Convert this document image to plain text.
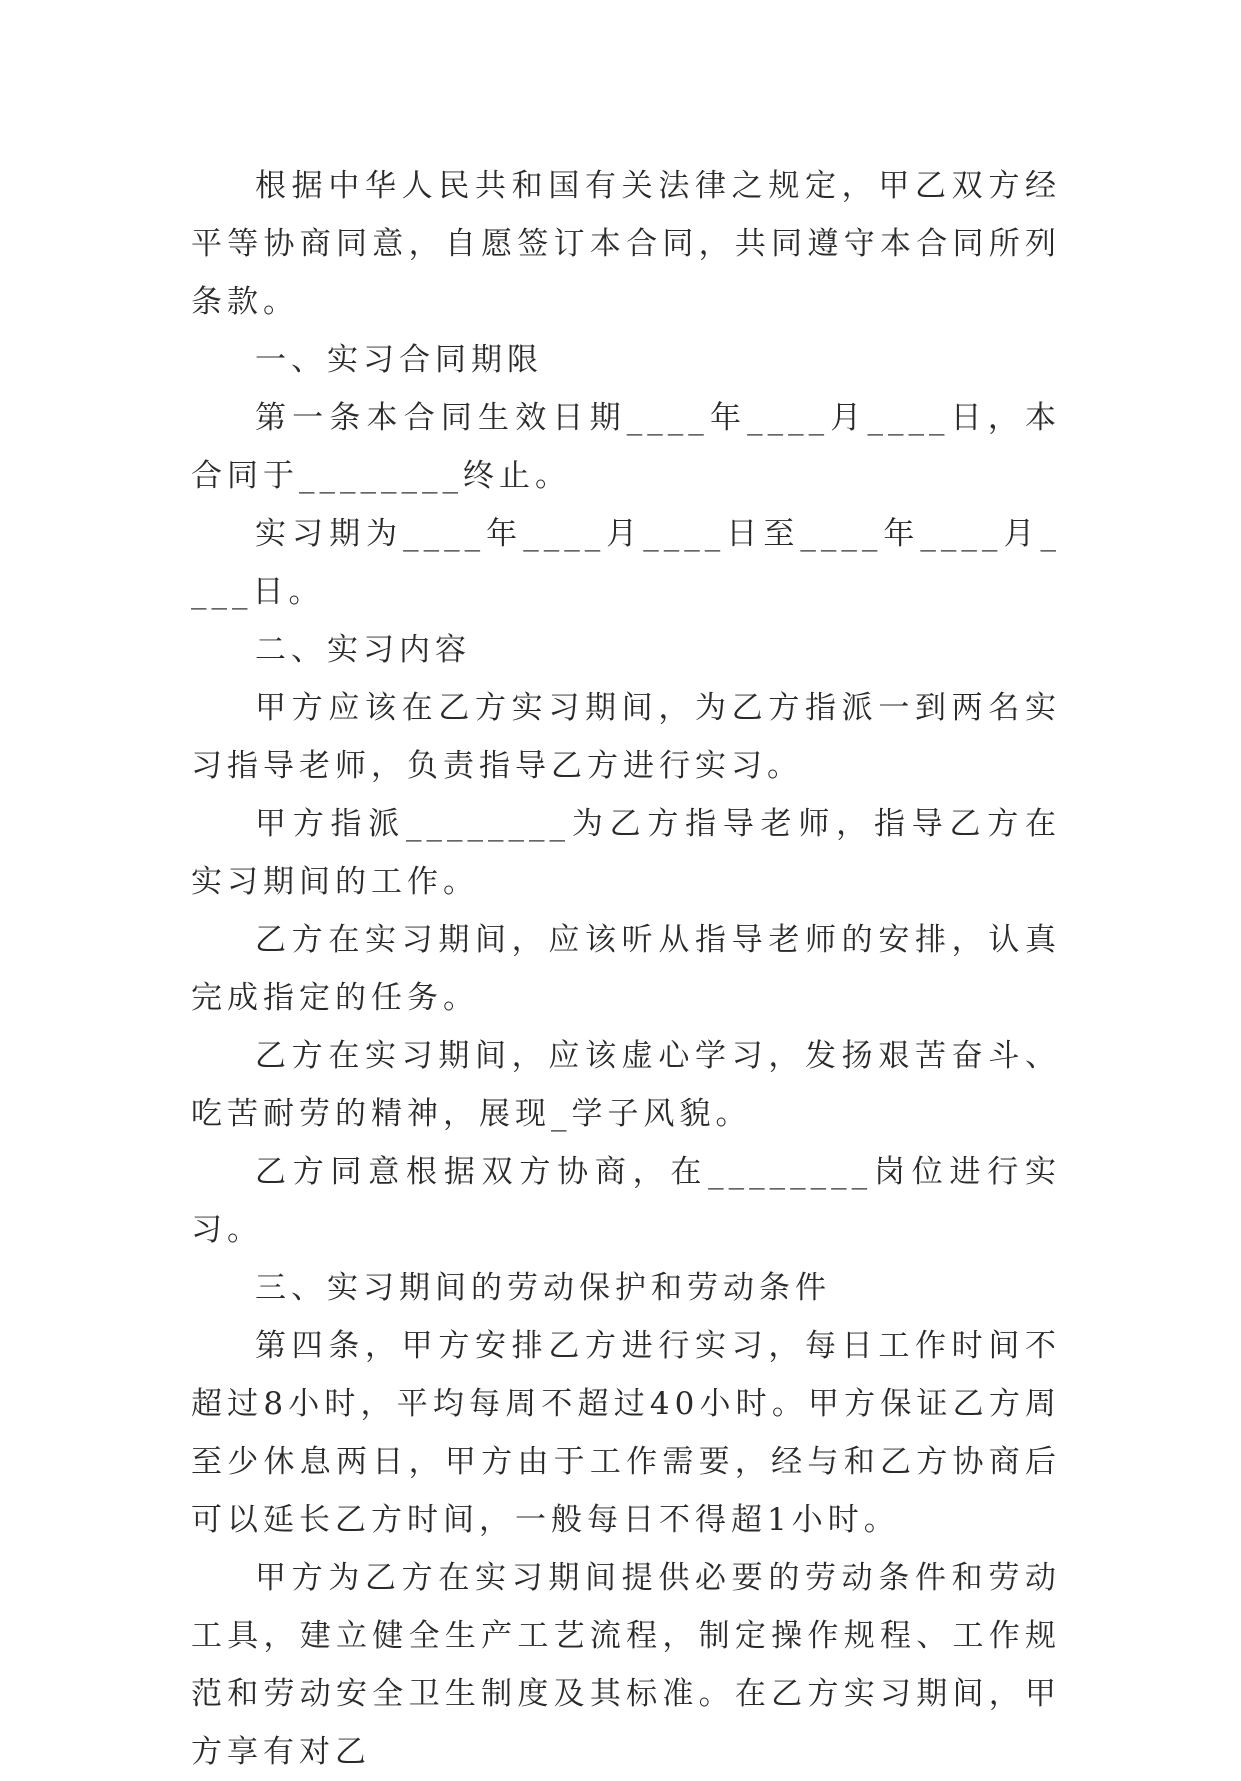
根据中华人民共和国有关法律之规定，甲乙双方经平等协商同意，自愿签订本合同，共同遵守本合同所列条款。

一、实习合同期限

第一条本合同生效日期____年____月____日，本合同于________终止。

实习期为____年____月____日至____年____月____日。

二、实习内容

甲方应该在乙方实习期间，为乙方指派一到两名实习指导老师，负责指导乙方进行实习。

甲方指派________为乙方指导老师，指导乙方在实习期间的工作。

乙方在实习期间，应该听从指导老师的安排，认真完成指定的任务。

乙方在实习期间，应该虚心学习，发扬艰苦奋斗、吃苦耐劳的精神，展现_学子风貌。

乙方同意根据双方协商，在________岗位进行实习。

三、实习期间的劳动保护和劳动条件

第四条，甲方安排乙方进行实习，每日工作时间不超过8小时，平均每周不超过40小时。甲方保证乙方周至少休息两日，甲方由于工作需要，经与和乙方协商后可以延长乙方时间，一般每日不得超1小时。

甲方为乙方在实习期间提供必要的劳动条件和劳动工具，建立健全生产工艺流程，制定操作规程、工作规范和劳动安全卫生制度及其标准。在乙方实习期间，甲方享有对乙
